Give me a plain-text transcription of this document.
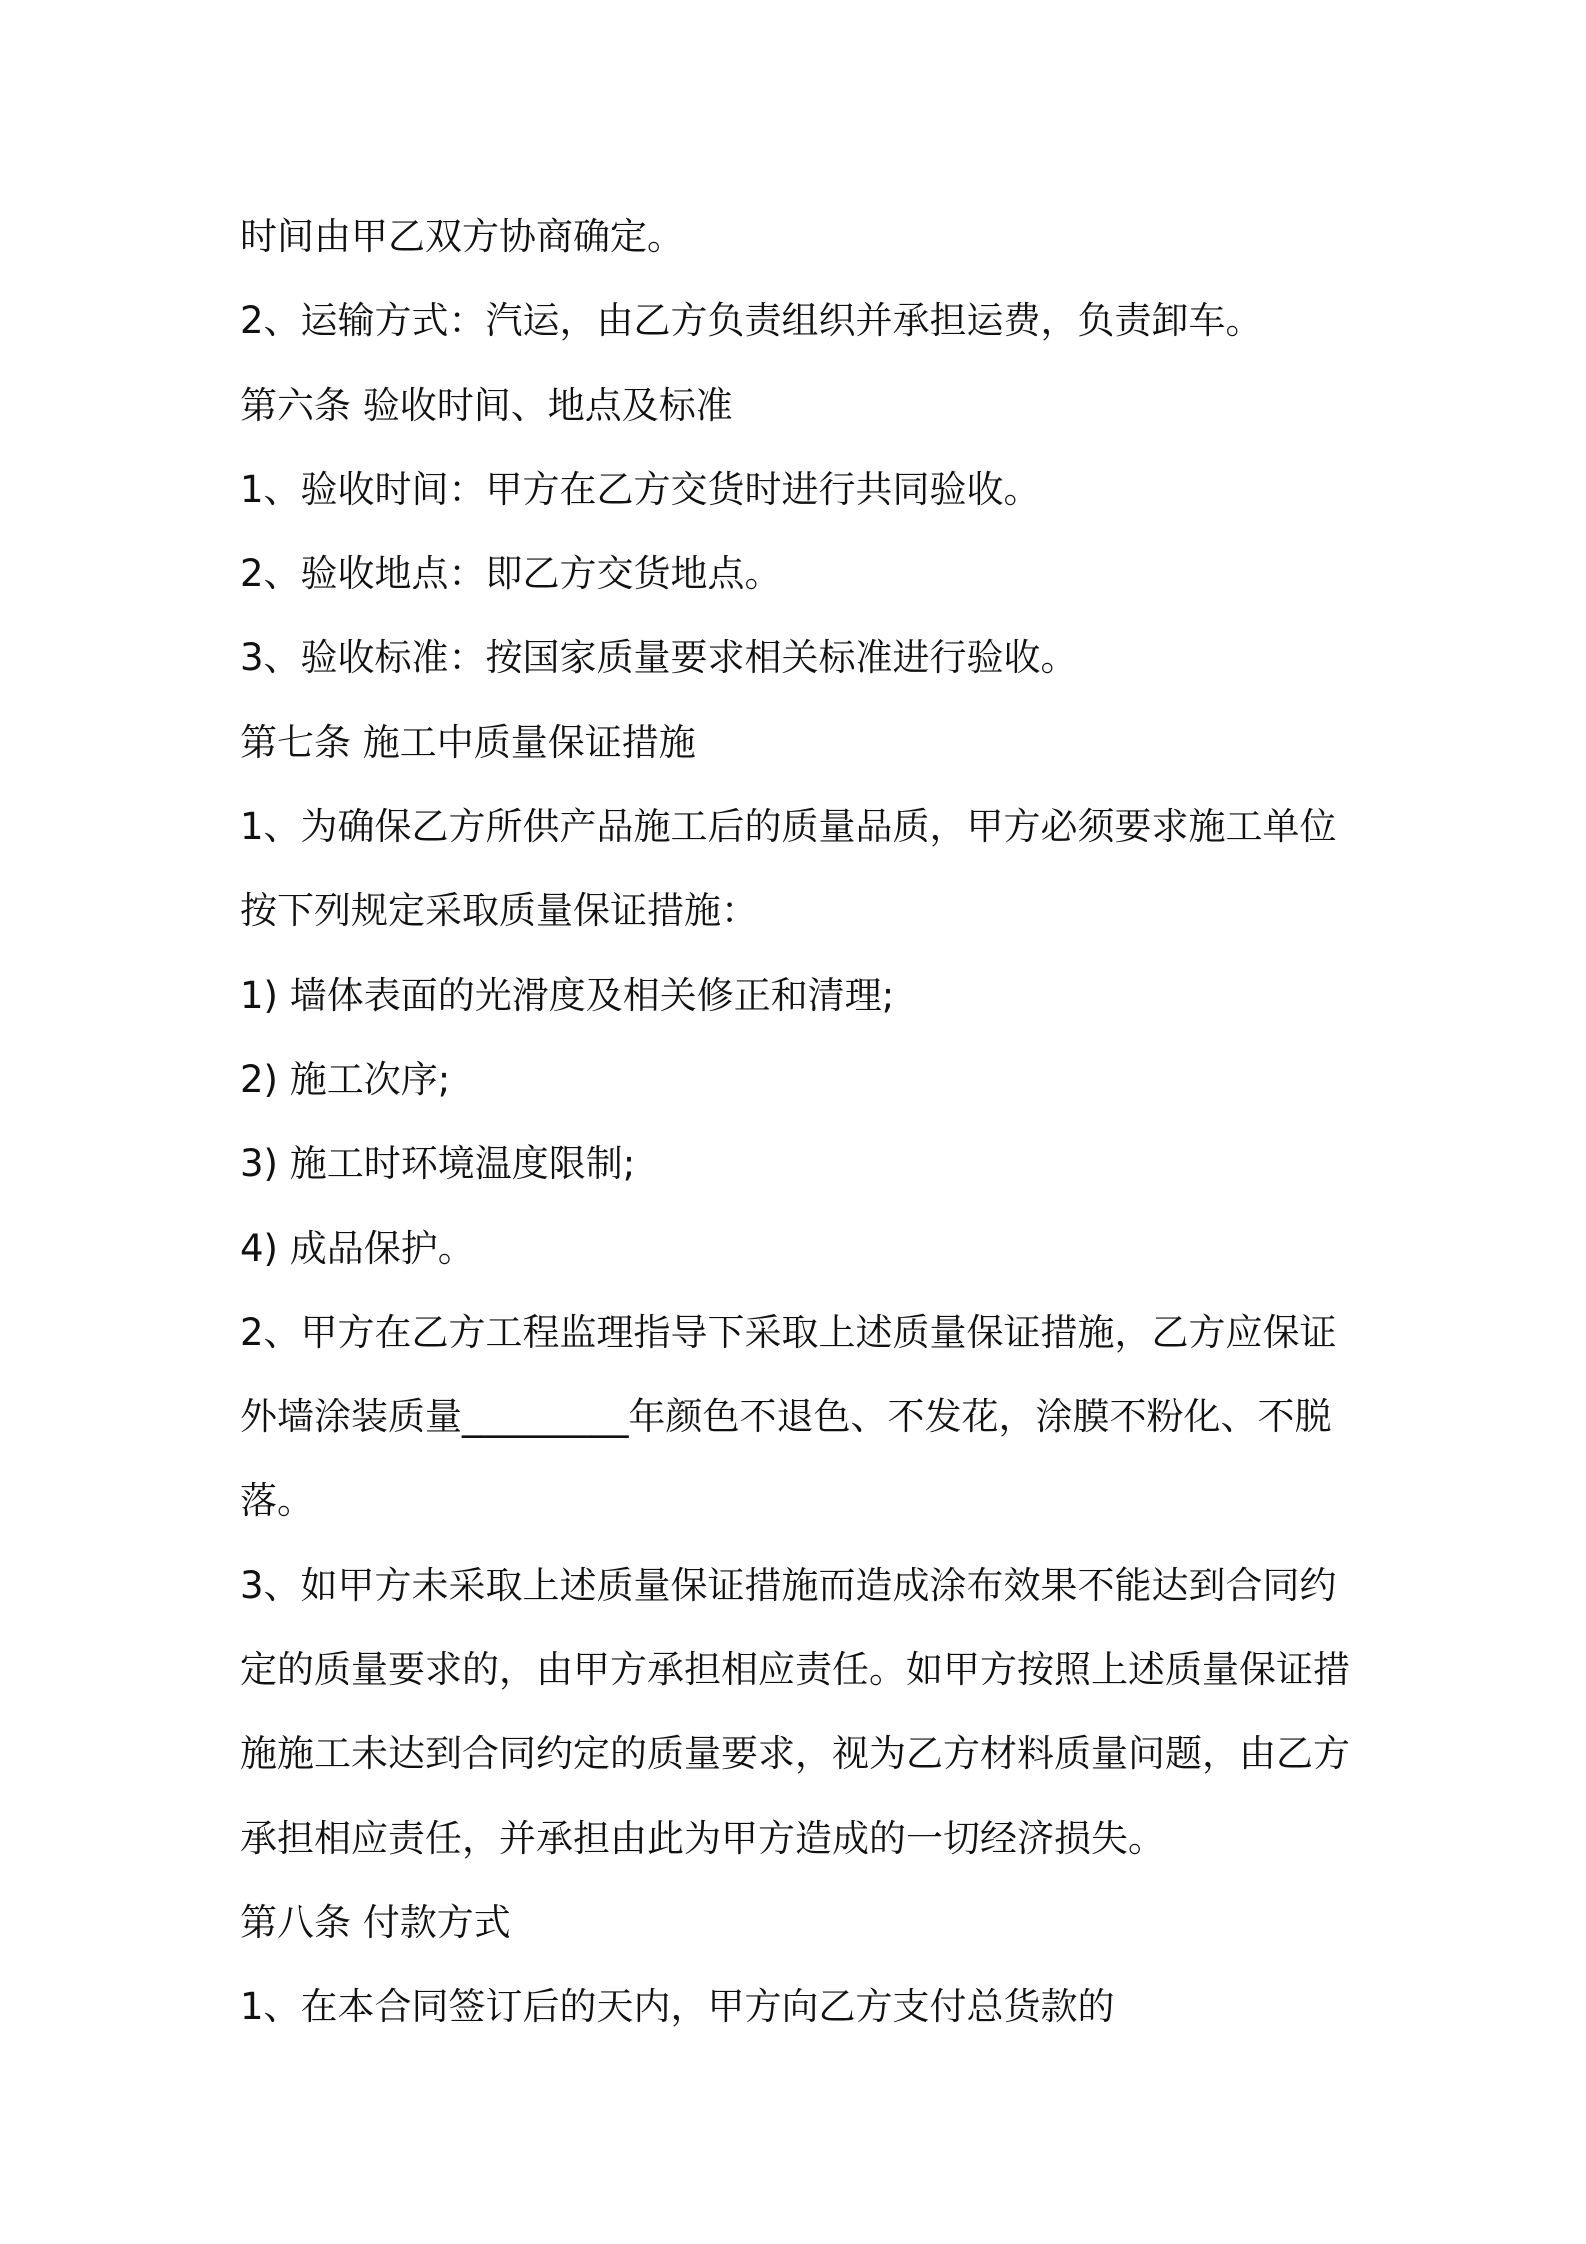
时间由甲乙双方协商确定。
2、运输方式：汽运，由乙方负责组织并承担运费，负责卸车。
第六条 验收时间、地点及标准
1、验收时间：甲方在乙方交货时进行共同验收。
2、验收地点：即乙方交货地点。
3、验收标准：按国家质量要求相关标准进行验收。
第七条 施工中质量保证措施
1、为确保乙方所供产品施工后的质量品质，甲方必须要求施工单位
按下列规定采取质量保证措施：
1) 墙体表面的光滑度及相关修正和清理;
2) 施工次序;
3) 施工时环境温度限制;
4) 成品保护。
2、甲方在乙方工程监理指导下采取上述质量保证措施，乙方应保证
外墙涂装质量_________年颜色不退色、不发花，涂膜不粉化、不脱
落。
3、如甲方未采取上述质量保证措施而造成涂布效果不能达到合同约
定的质量要求的，由甲方承担相应责任。如甲方按照上述质量保证措
施施工未达到合同约定的质量要求，视为乙方材料质量问题，由乙方
承担相应责任，并承担由此为甲方造成的一切经济损失。
第八条 付款方式
1、在本合同签订后的天内，甲方向乙方支付总货款的
